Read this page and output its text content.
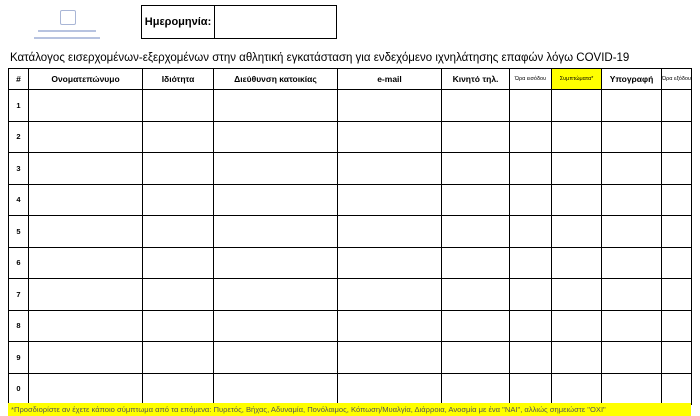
Ημερομηνία:
Κατάλογος εισερχομένων-εξερχομένων στην αθλητική εγκατάσταση για ενδεχόμενο ιχνηλάτησης επαφών λόγω COVID-19
#	Ονοματεπώνυμο	Ιδιότητα	Διεύθυνση κατοικίας	e-mail	Κινητό τηλ.	Ώρα εισόδου	Συμπτώματα*	Υπογραφή	Ώρα εξόδου
1									
2									
3									
4									
5									
6									
7									
8									
9									
0									
*Προσδιορίστε αν έχετε κάποιο σύμπτωμα από τα επόμενα: Πυρετός, Βήχας, Αδυναμία, Πονόλαιμος, Κόπωση/Μυαλγία, Διάρροια, Ανοσμία με ένα "ΝΑΙ", αλλιώς σημειώστε "ΟΧΙ"
